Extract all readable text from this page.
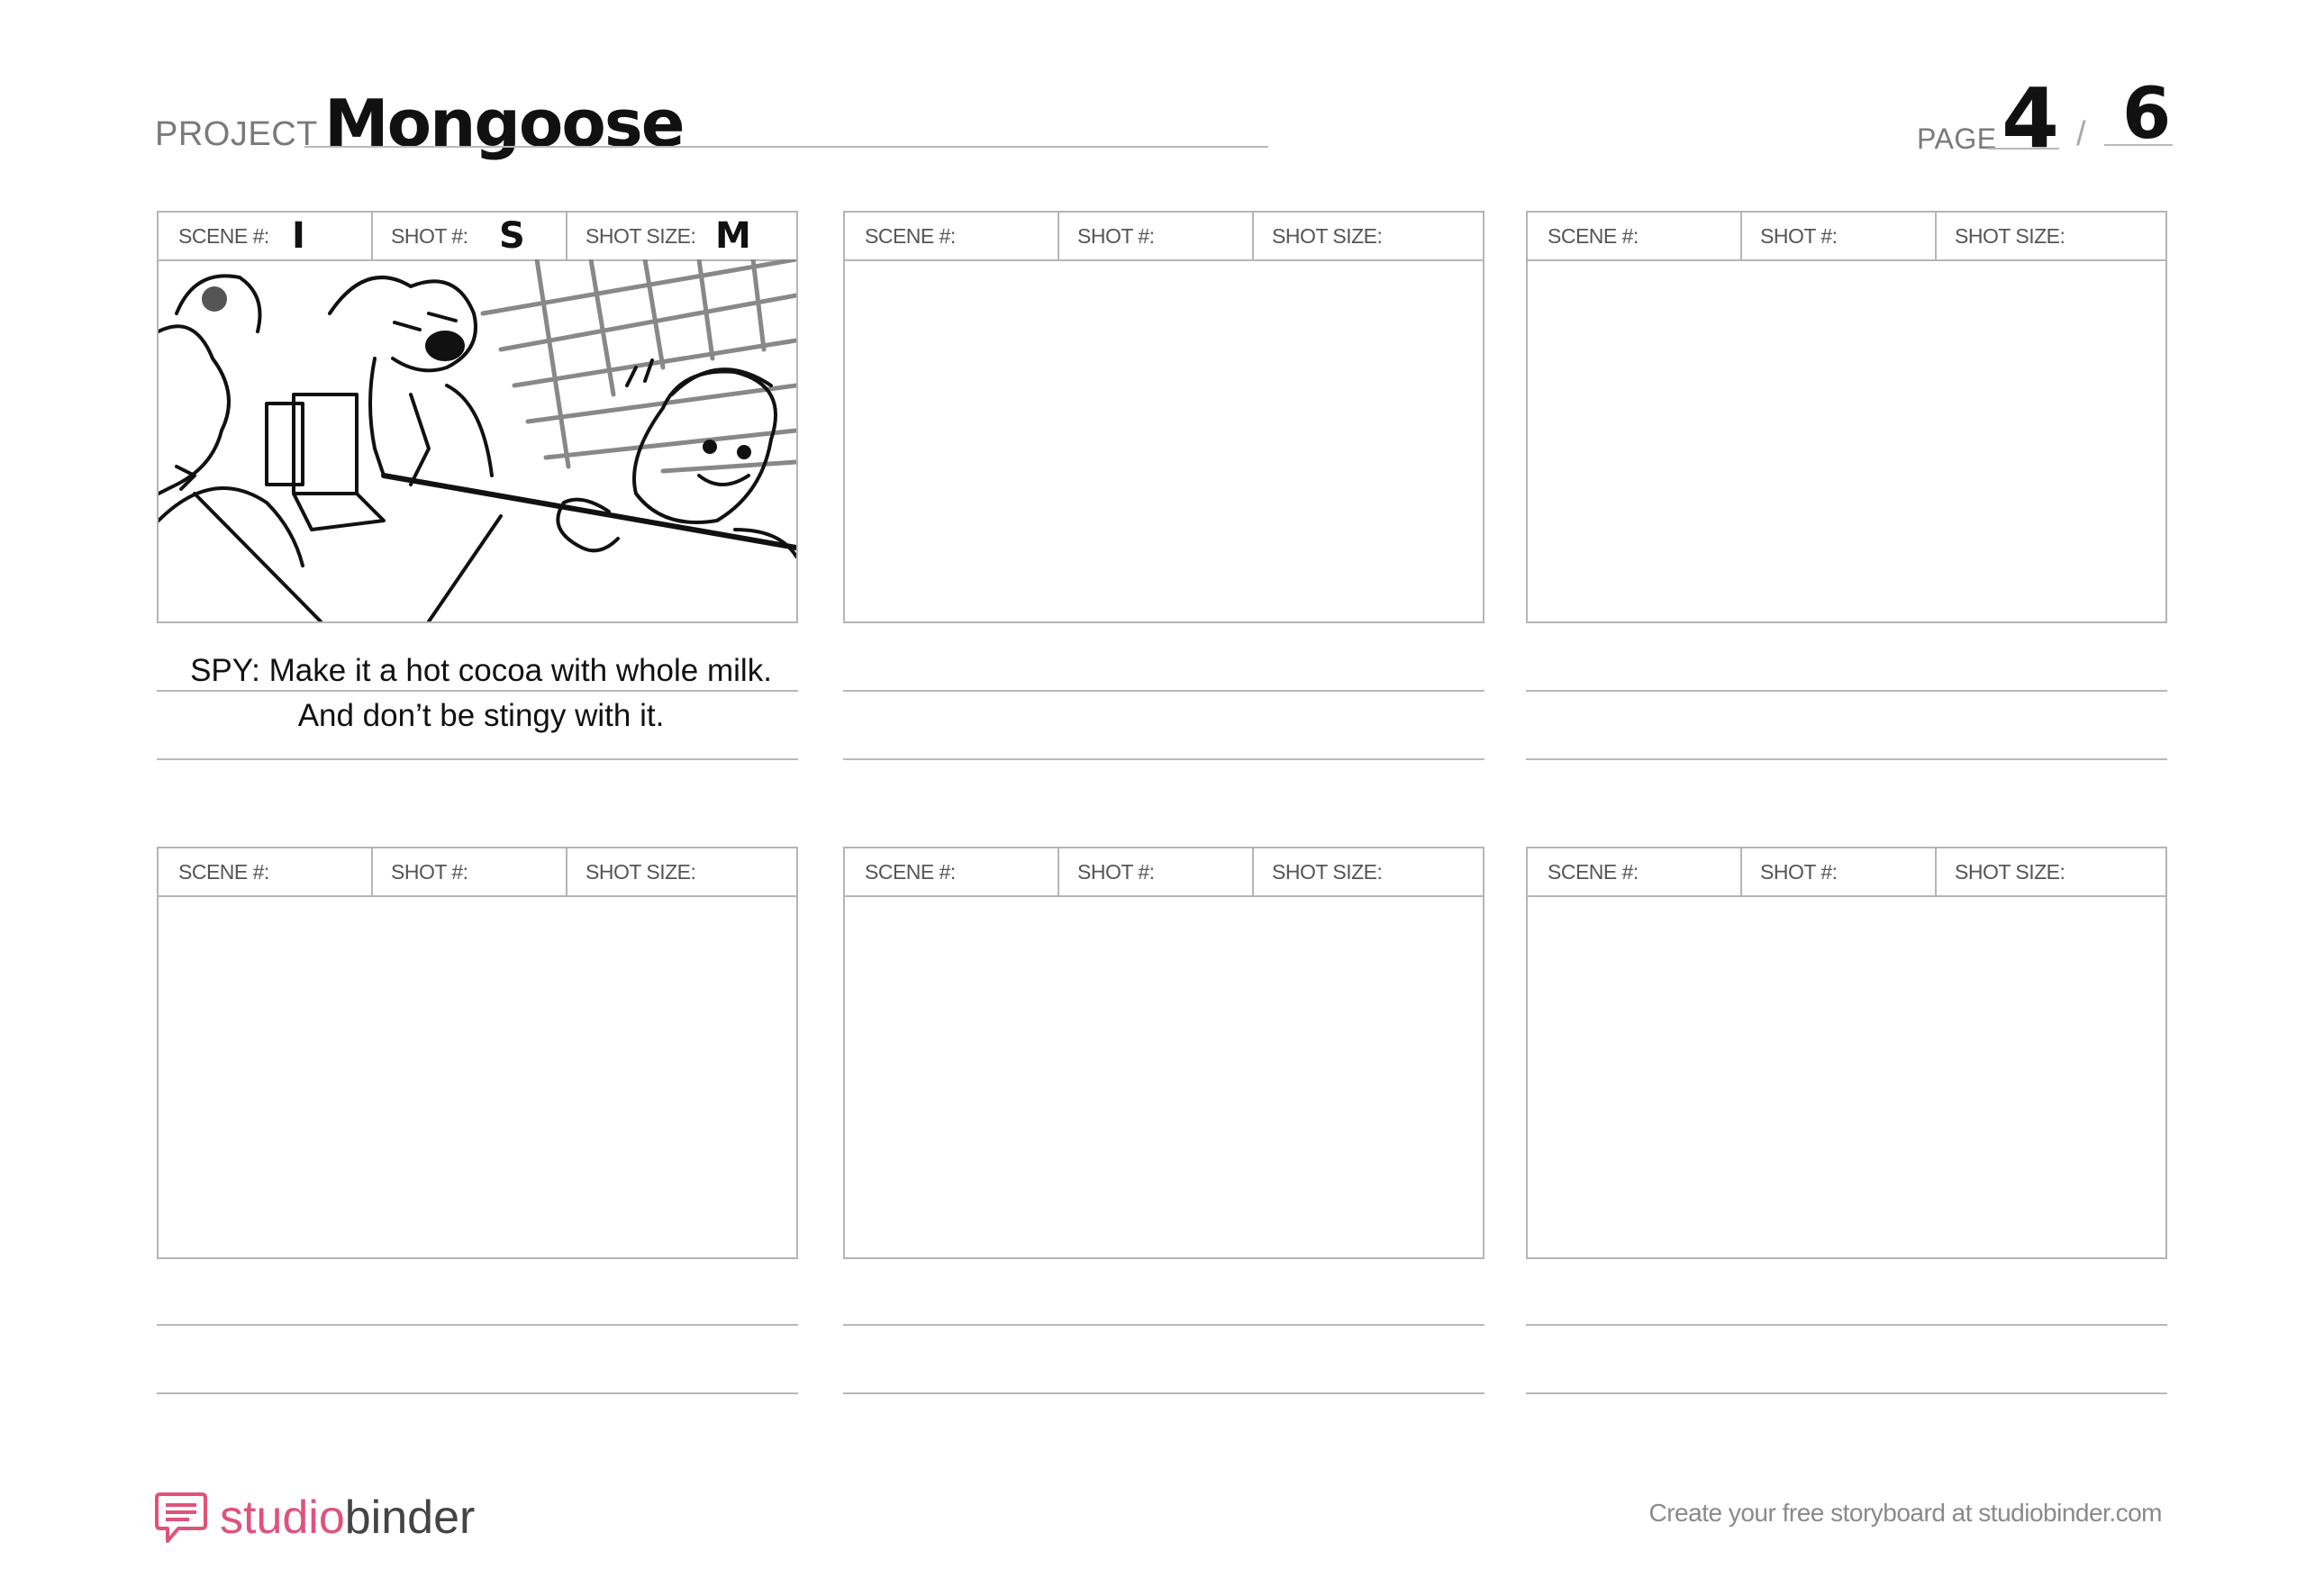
PROJECT Mongoose	PAGE 4 / 6
SCENE #: I	SHOT #: S	SHOT SIZE: M
SPY: Make it a hot cocoa with whole milk.
And don’t be stingy with it.
SCENE #:	SHOT #:	SHOT SIZE:	SCENE #:	SHOT #:	SHOT SIZE:
SCENE #:	SHOT #:	SHOT SIZE:	SCENE #:	SHOT #:	SHOT SIZE:	SCENE #:	SHOT #:	SHOT SIZE:
studiobinder	Create your free storyboard at studiobinder.com
